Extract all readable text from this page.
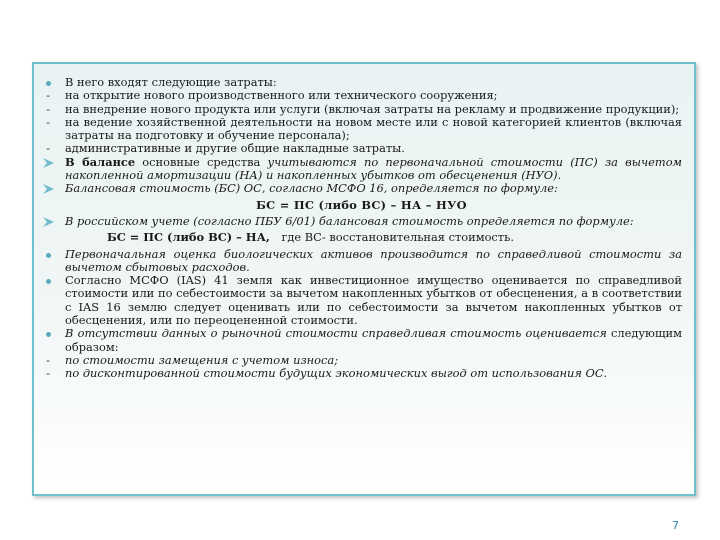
В него входят следующие затраты:
-	на открытие нового производственного или технического сооружения;
-	на внедрение нового продукта или услуги (включая затраты на рекламу и продвижение продукции);
-	на ведение хозяйственной деятельности на новом месте или с новой категорией клиентов (включая затраты на подготовку и обучение персонала);
-	административные и другие общие накладные затраты.
В балансе основные средства учитываются по первоначальной стоимости (ПС) за вычетом накопленной амортизации (НА) и накопленных убытков от обесценения (НУО).
Балансовая стоимость (БС) ОС, согласно МСФО 16, определяется по формуле:
БС = ПС (либо ВС) – НА – НУО
В российском учете (согласно ПБУ 6/01) балансовая стоимость определяется по формуле:
БС = ПС (либо ВС) – НА, где ВС- восстановительная стоимость.
Первоначальная оценка биологических активов производится по справедливой стоимости за вычетом сбытовых расходов.
Согласно МСФО (IAS) 41 земля как инвестиционное имущество оценивается по справедливой стоимости или по себестоимости за вычетом накопленных убытков от обесценения, а в соответствии с IAS 16 землю следует оценивать или по себестоимости за вычетом накопленных убытков от обесценения, или по переоцененной стоимости.
В отсутствии данных о рыночной стоимости справедливая стоимость оценивается следующим образом:
-	по стоимости замещения с учетом износа;
-	по дисконтированной стоимости будущих экономических выгод от использования ОС.
7
